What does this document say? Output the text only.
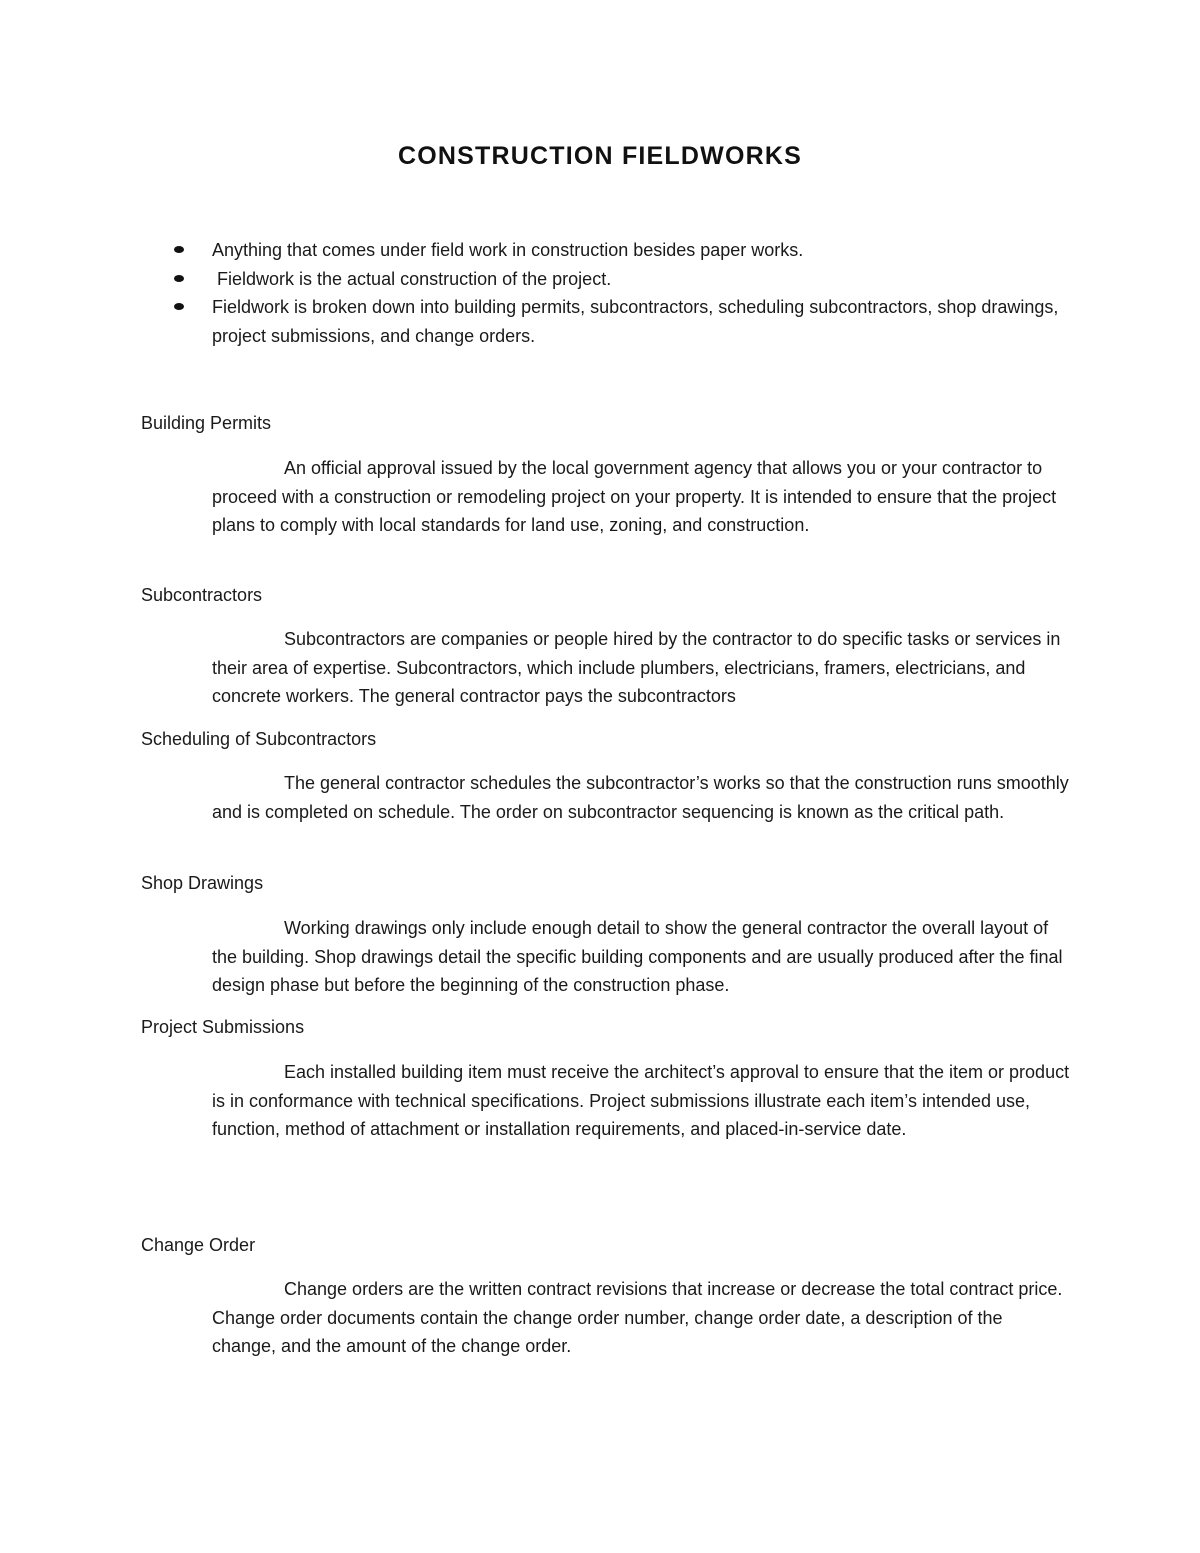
CONSTRUCTION FIELDWORKS
Anything that comes under field work in construction besides paper works.
Fieldwork is the actual construction of the project.
Fieldwork is broken down into building permits, subcontractors, scheduling subcontractors, shop drawings, project submissions, and change orders.
Building Permits

An official approval issued by the local government agency that allows you or your contractor to proceed with a construction or remodeling project on your property. It is intended to ensure that the project plans to comply with local standards for land use, zoning, and construction.

Subcontractors

Subcontractors are companies or people hired by the contractor to do specific tasks or services in their area of expertise. Subcontractors, which include plumbers, electricians, framers, electricians, and concrete workers. The general contractor pays the subcontractors

Scheduling of Subcontractors

The general contractor schedules the subcontractor’s works so that the construction runs smoothly and is completed on schedule. The order on subcontractor sequencing is known as the critical path.

Shop Drawings

Working drawings only include enough detail to show the general contractor the overall layout of the building. Shop drawings detail the specific building components and are usually produced after the final design phase but before the beginning of the construction phase.

Project Submissions

Each installed building item must receive the architect’s approval to ensure that the item or product is in conformance with technical specifications. Project submissions illustrate each item’s intended use, function, method of attachment or installation requirements, and placed-in-service date.

Change Order

Change orders are the written contract revisions that increase or decrease the total contract price. Change order documents contain the change order number, change order date, a description of the change, and the amount of the change order.
